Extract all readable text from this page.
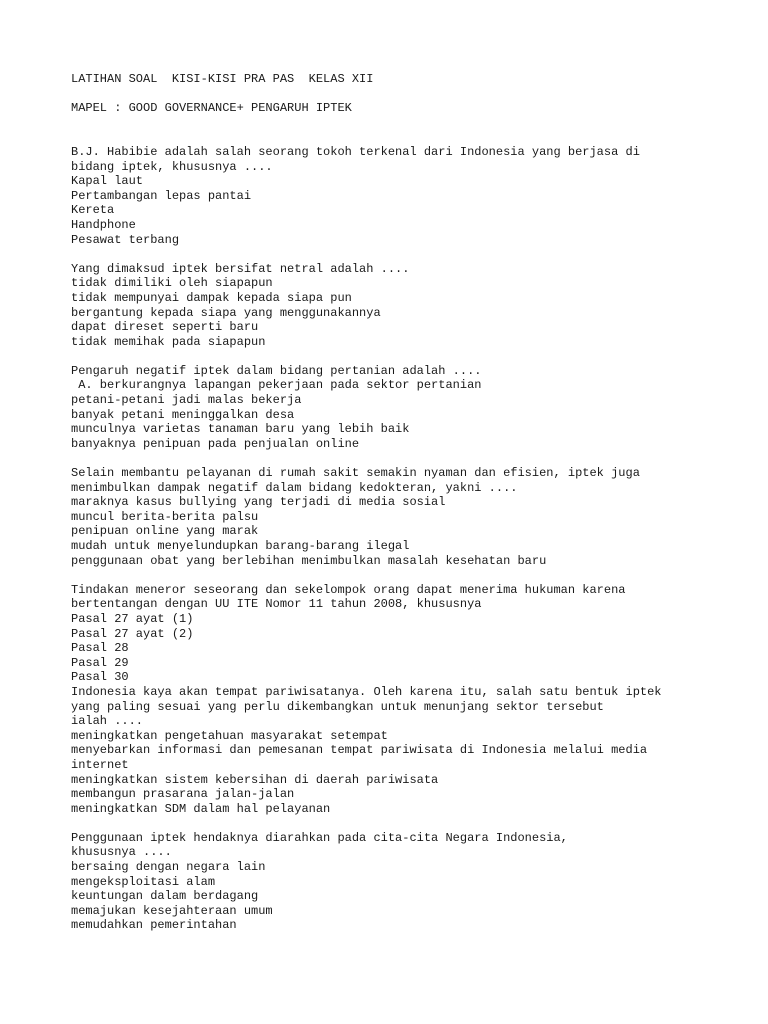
LATIHAN SOAL  KISI-KISI PRA PAS  KELAS XII
MAPEL : GOOD GOVERNANCE+ PENGARUH IPTEK
B.J. Habibie adalah salah seorang tokoh terkenal dari Indonesia yang berjasa di
bidang iptek, khususnya ....
Kapal laut
Pertambangan lepas pantai
Kereta
Handphone
Pesawat terbang
Yang dimaksud iptek bersifat netral adalah ....
tidak dimiliki oleh siapapun
tidak mempunyai dampak kepada siapa pun
bergantung kepada siapa yang menggunakannya
dapat direset seperti baru
tidak memihak pada siapapun
Pengaruh negatif iptek dalam bidang pertanian adalah ....
A. berkurangnya lapangan pekerjaan pada sektor pertanian
petani-petani jadi malas bekerja
banyak petani meninggalkan desa
munculnya varietas tanaman baru yang lebih baik
banyaknya penipuan pada penjualan online
Selain membantu pelayanan di rumah sakit semakin nyaman dan efisien, iptek juga
menimbulkan dampak negatif dalam bidang kedokteran, yakni ....
maraknya kasus bullying yang terjadi di media sosial
muncul berita-berita palsu
penipuan online yang marak
mudah untuk menyelundupkan barang-barang ilegal
penggunaan obat yang berlebihan menimbulkan masalah kesehatan baru
Tindakan meneror seseorang dan sekelompok orang dapat menerima hukuman karena
bertentangan dengan UU ITE Nomor 11 tahun 2008, khususnya
Pasal 27 ayat (1)
Pasal 27 ayat (2)
Pasal 28
Pasal 29
Pasal 30
Indonesia kaya akan tempat pariwisatanya. Oleh karena itu, salah satu bentuk iptek
yang paling sesuai yang perlu dikembangkan untuk menunjang sektor tersebut
ialah ....
meningkatkan pengetahuan masyarakat setempat
menyebarkan informasi dan pemesanan tempat pariwisata di Indonesia melalui media
internet
meningkatkan sistem kebersihan di daerah pariwisata
membangun prasarana jalan-jalan
meningkatkan SDM dalam hal pelayanan
Penggunaan iptek hendaknya diarahkan pada cita-cita Negara Indonesia,
khususnya ....
bersaing dengan negara lain
mengeksploitasi alam
keuntungan dalam berdagang
memajukan kesejahteraan umum
memudahkan pemerintahan
